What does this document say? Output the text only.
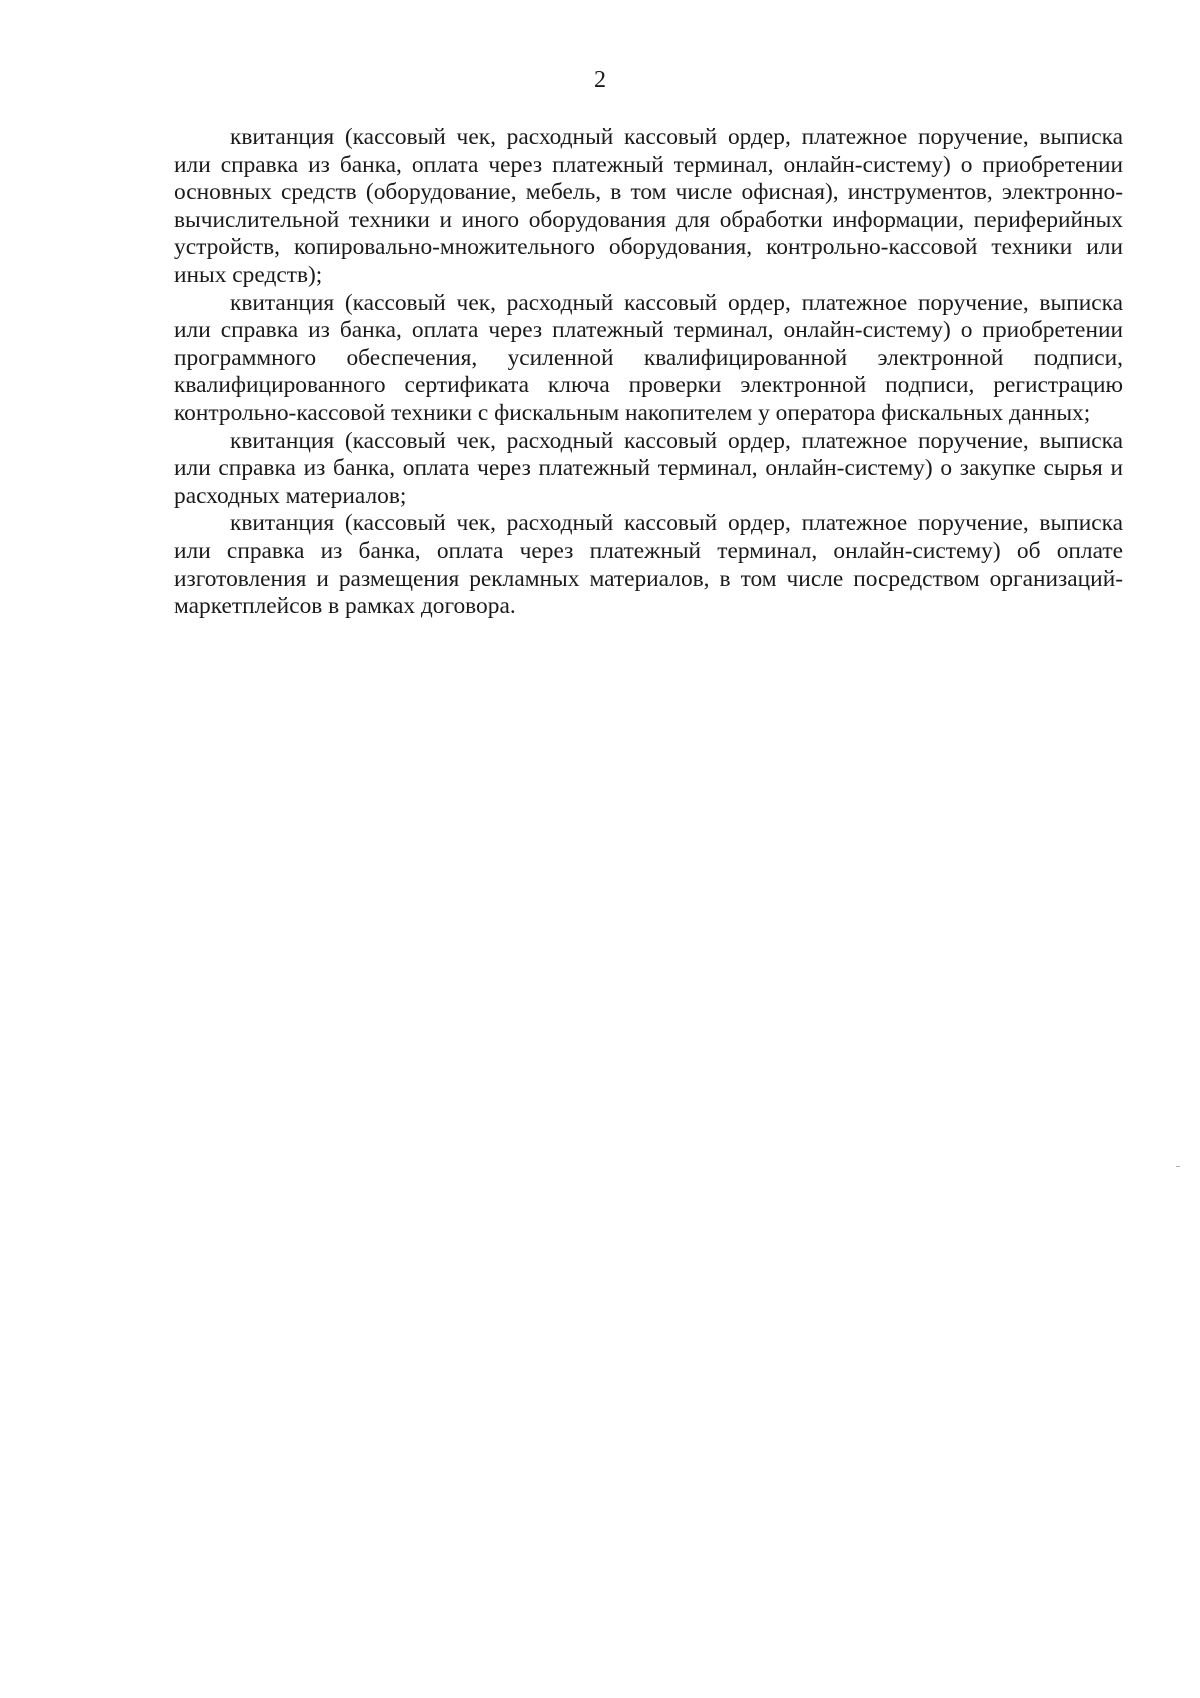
2

квитанция (кассовый чек, расходный кассовый ордер, платежное поручение, выписка или справка из банка, оплата через платежный терминал, онлайн-систему) о приобретении основных средств (оборудование, мебель, в том числе офисная), инструментов, электронно-вычислительной техники и иного оборудования для обработки информации, периферийных устройств, копировально-множительного оборудования, контрольно-кассовой техники или иных средств);

квитанция (кассовый чек, расходный кассовый ордер, платежное поручение, выписка или справка из банка, оплата через платежный терминал, онлайн-систему) о приобретении программного обеспечения, усиленной квалифицированной электронной подписи, квалифицированного сертификата ключа проверки электронной подписи, регистрацию контрольно-кассовой техники с фискальным накопителем у оператора фискальных данных;

квитанция (кассовый чек, расходный кассовый ордер, платежное поручение, выписка или справка из банка, оплата через платежный терминал, онлайн-систему) о закупке сырья и расходных материалов;

квитанция (кассовый чек, расходный кассовый ордер, платежное поручение, выписка или справка из банка, оплата через платежный терминал, онлайн-систему) об оплате изготовления и размещения рекламных материалов, в том числе посредством организаций-маркетплейсов в рамках договора.
